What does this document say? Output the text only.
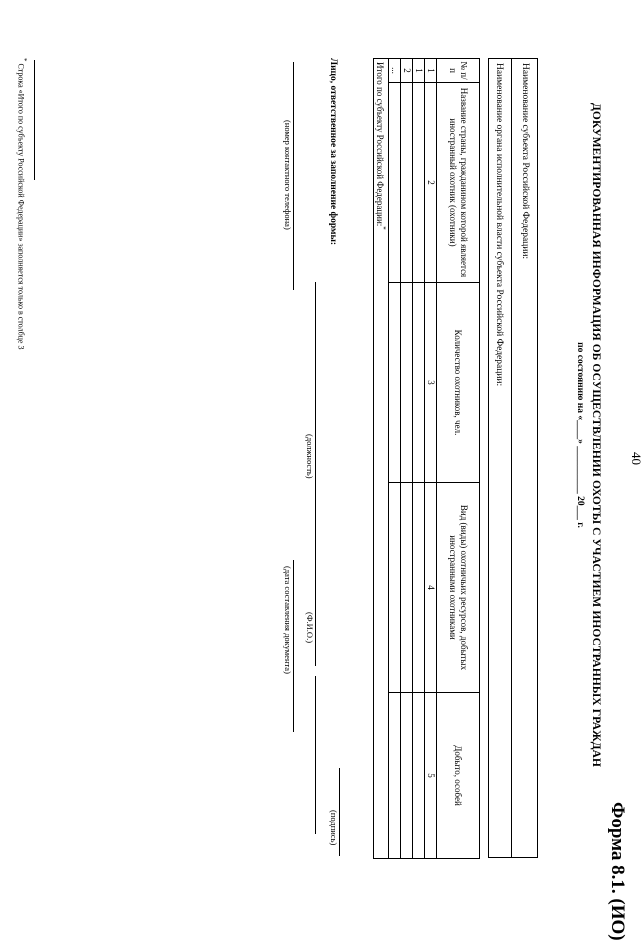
40
Форма 8.1. (ИО)
ДОКУМЕНТИРОВАННАЯ ИНФОРМАЦИЯ ОБ ОСУЩЕСТВЛЕНИИ ОХОТЫ С УЧАСТИЕМ ИНОСТРАННЫХ ГРАЖДАН
по состоянию на «____» __________ 20___ г.
Наименование субъекта Российской Федерации:
Наименование органа исполнительной власти субъекта Российской Федерации:
№ п/п	Название страны, гражданином которой является иностранный охотник (охотники)	Количество охотников, чел.	Вид (виды) охотничьих ресурсов, добытых иностранными охотниками	Добыто, особей
1	2	3	4	5
1				
2				
...				
Итого по субъекту Российской Федерации:*
Лицо, ответственное за заполнение формы:
(должность)
(Ф.И.О.)
(подпись)
(номер контактного телефона)
(дата составления документа)
* Строка «Итого по субъекту Российской Федерации» заполняется только в столбце 3
